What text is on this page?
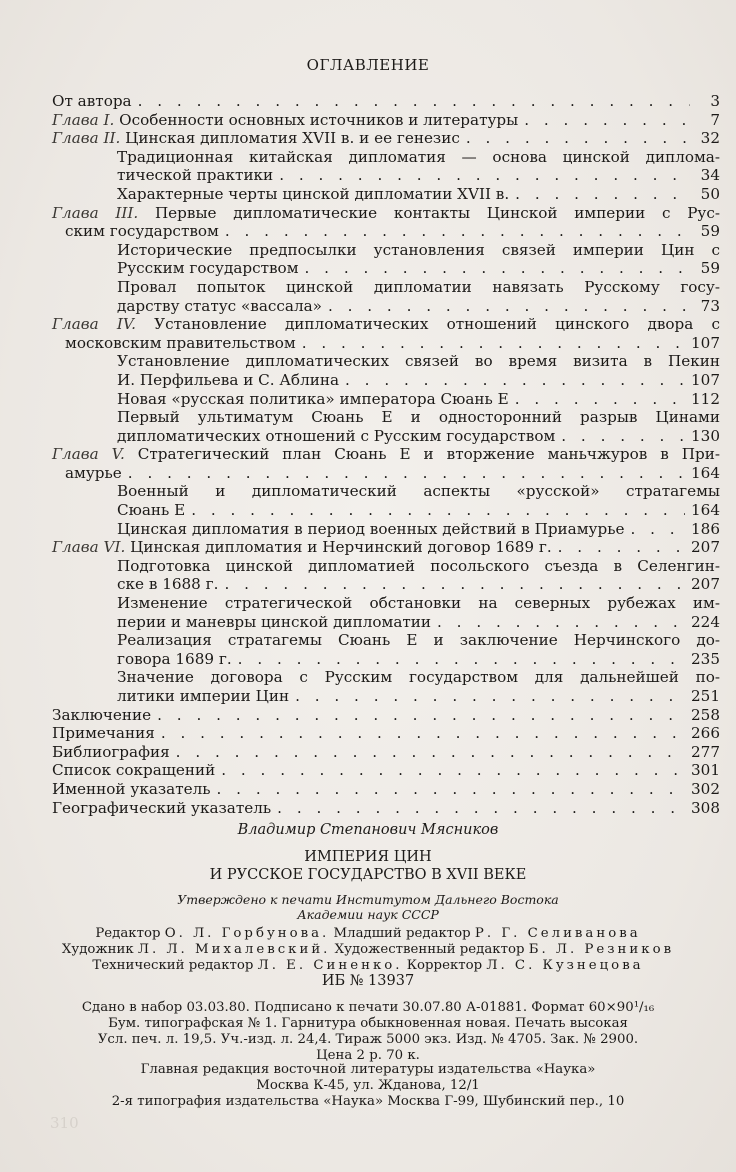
ОГЛАВЛЕНИЕ
От автора . . .	3
Глава I. Особенности основных источников и литературы . . .	7
Глава II. Цинская дипломатия XVII в. и ее генезис . . .	32
Традиционная китайская дипломатия — основа цинской диплома-
тической практики . . .	34
Характерные черты цинской дипломатии XVII в. . . .	50
Глава III. Первые дипломатические контакты Цинской империи с Рус-
ским государством . . .	59
Исторические предпосылки установления связей империи Цин с
Русским государством . . .	59
Провал попыток цинской дипломатии навязать Русскому госу-
дарству статус «вассала» . . .	73
Глава IV. Установление дипломатических отношений цинского двора с
московским правительством . . .	107
Установление дипломатических связей во время визита в Пекин
И. Перфильева и С. Аблина . . .	107
Новая «русская политика» императора Сюань Е . . .	112
Первый ультиматум Сюань Е и односторонний разрыв Цинами
дипломатических отношений с Русским государством . . .	130
Глава V. Стратегический план Сюань Е и вторжение маньчжуров в При-
амурье . . .	164
Военный и дипломатический аспекты «русской» стратагемы
Сюань Е . . .	164
Цинская дипломатия в период военных действий в Приамурье . . .	186
Глава VI. Цинская дипломатия и Нерчинский договор 1689 г. . . .	207
Подготовка цинской дипломатией посольского съезда в Селенгин-
ске в 1688 г. . . .	207
Изменение стратегической обстановки на северных рубежах им-
перии и маневры цинской дипломатии . . .	224
Реализация стратагемы Сюань Е и заключение Нерчинского до-
говора 1689 г. . . .	235
Значение договора с Русским государством для дальнейшей по-
литики империи Цин . . .	251
Заключение . . .	258
Примечания . . .	266
Библиография . . .	277
Список сокращений . . .	301
Именной указатель . . .	302
Географический указатель . . .	308
Владимир Степанович Мясников
ИМПЕРИЯ ЦИН
И РУССКОЕ ГОСУДАРСТВО В XVII ВЕКЕ
Утверждено к печати Институтом Дальнего Востока
Академии наук СССР
Редактор О. Л. Горбунова. Младший редактор Р. Г. Селиванова
Художник Л. Л. Михалевский. Художественный редактор Б. Л. Резников
Технический редактор Л. Е. Синенко. Корректор Л. С. Кузнецова
ИБ № 13937
Сдано в набор 03.03.80. Подписано к печати 30.07.80 А-01881. Формат 60×90¹/₁₆
Бум. типографская № 1. Гарнитура обыкновенная новая. Печать высокая
Усл. печ. л. 19,5. Уч.-изд. л. 24,4. Тираж 5000 экз. Изд. № 4705. Зак. № 2900.
Цена 2 р. 70 к.
Главная редакция восточной литературы издательства «Наука»
Москва К-45, ул. Жданова, 12/1
2-я типография издательства «Наука» Москва Г-99, Шубинский пер., 10
310
